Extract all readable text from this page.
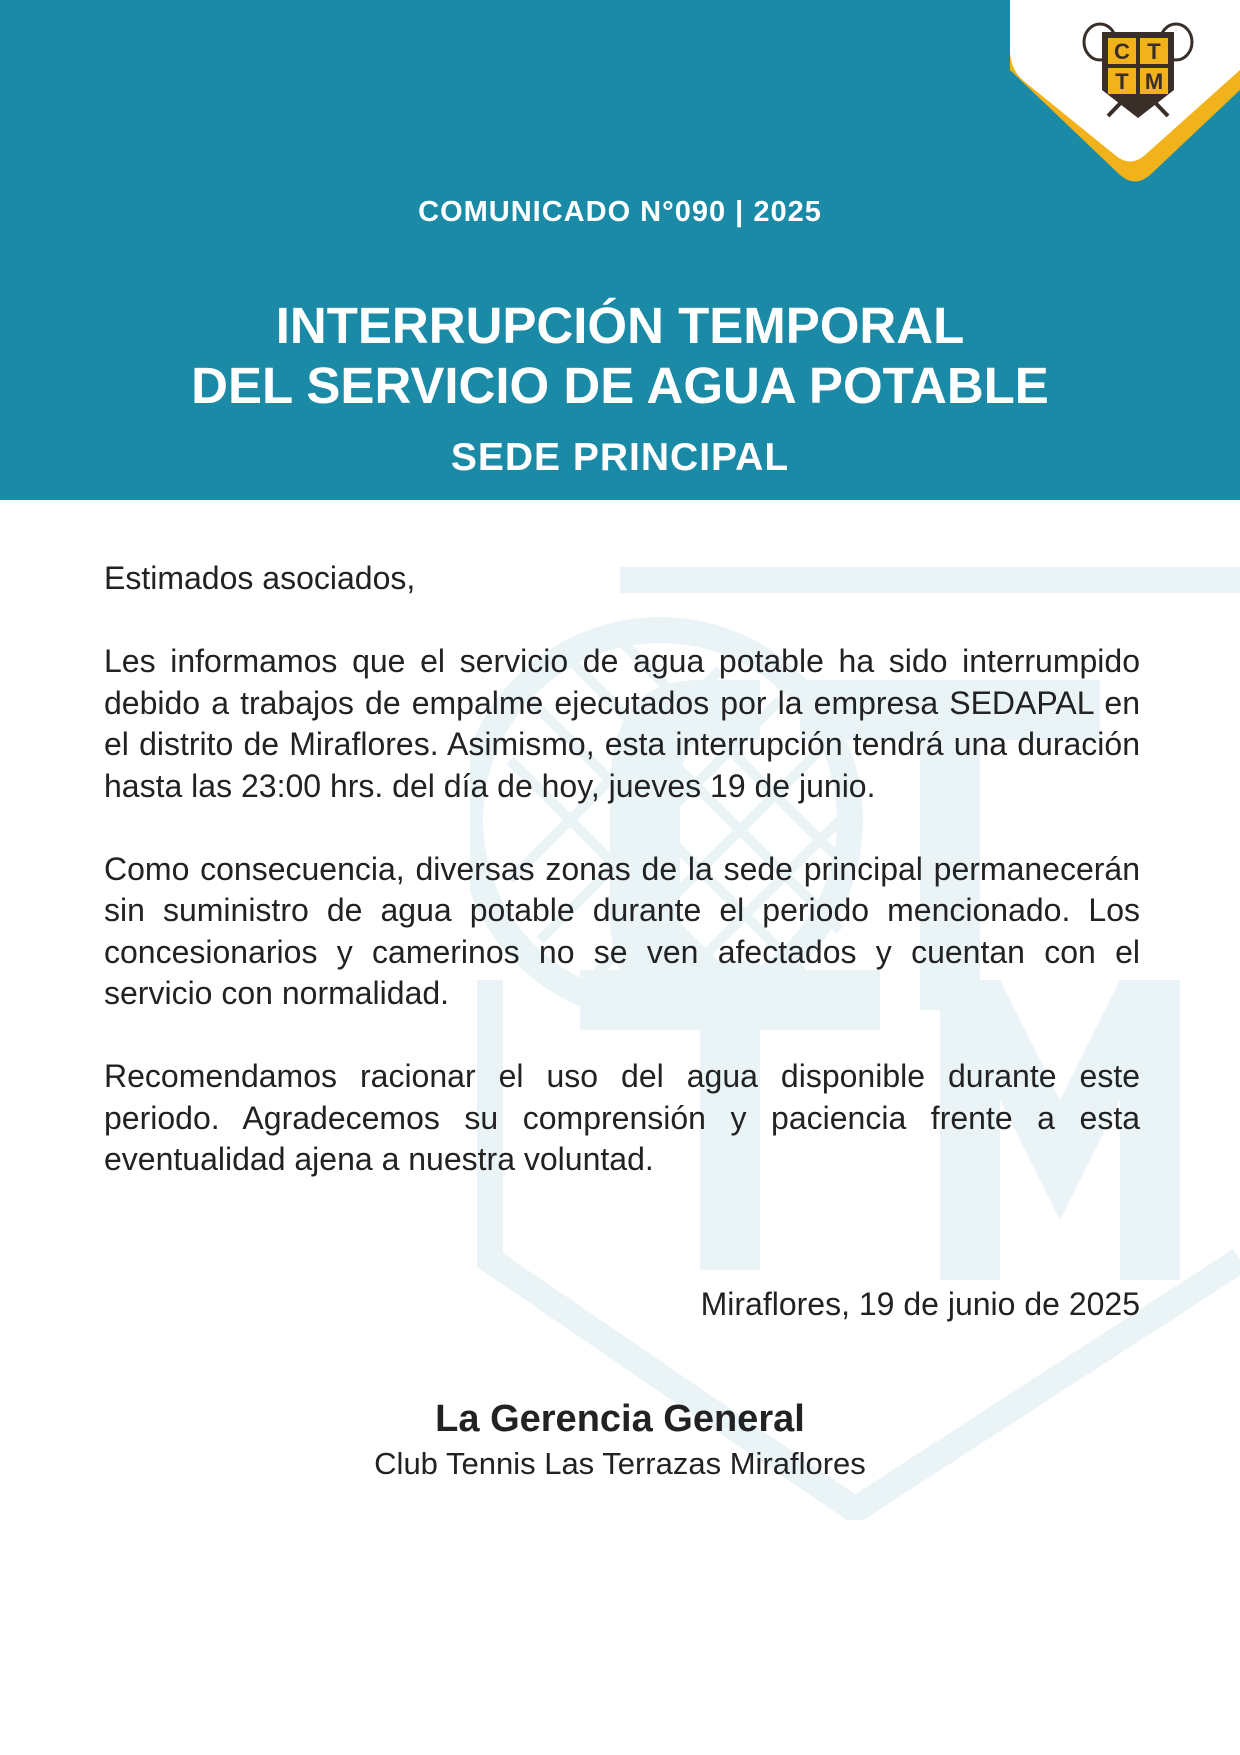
C T
T M
COMUNICADO N°090 | 2025
INTERRUPCIÓN TEMPORAL
DEL SERVICIO DE AGUA POTABLE
SEDE PRINCIPAL

Estimados asociados,

Les informamos que el servicio de agua potable ha sido interrumpido debido a trabajos de empalme ejecutados por la empresa SEDAPAL en el distrito de Miraflores. Asimismo, esta interrupción tendrá una duración hasta las 23:00 hrs. del día de hoy, jueves 19 de junio.

Como consecuencia, diversas zonas de la sede principal permanecerán sin suministro de agua potable durante el periodo mencionado. Los concesionarios y camerinos no se ven afectados y cuentan con el servicio con normalidad.

Recomendamos racionar el uso del agua disponible durante este periodo. Agradecemos su comprensión y paciencia frente a esta eventualidad ajena a nuestra voluntad.

Miraflores, 19 de junio de 2025
La Gerencia General
Club Tennis Las Terrazas Miraflores
